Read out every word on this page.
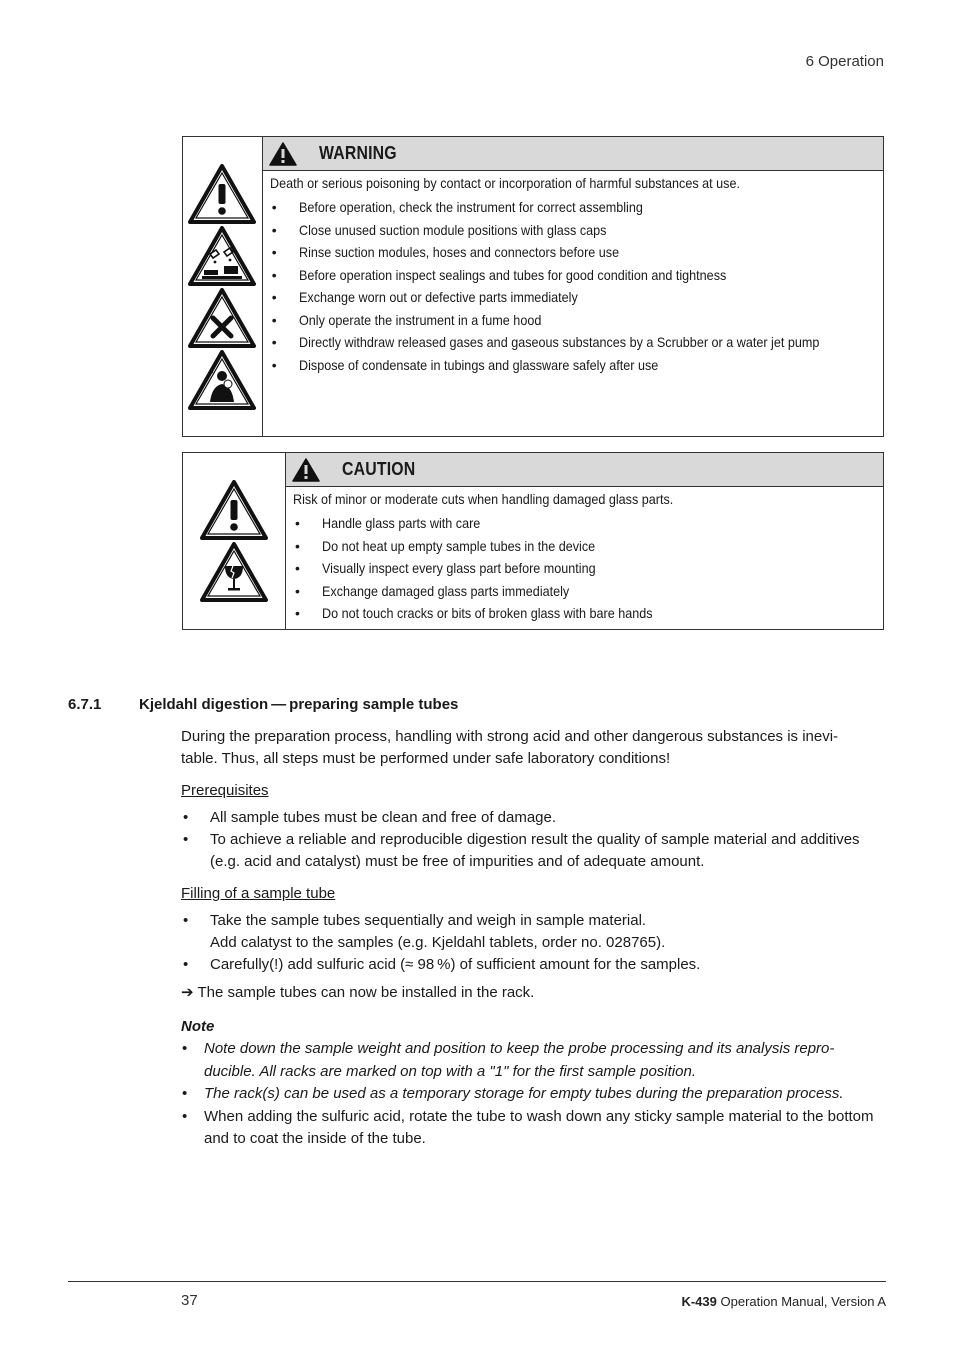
6 Operation
WARNING

Death or serious poisoning by contact or incorporation of harmful substances at use.

• Before operation, check the instrument for correct assembling
• Close unused suction module positions with glass caps
• Rinse suction modules, hoses and connectors before use
• Before operation inspect sealings and tubes for good condition and tightness
• Exchange worn out or defective parts immediately
• Only operate the instrument in a fume hood
• Directly withdraw released gases and gaseous substances by a Scrubber or a water jet pump
• Dispose of condensate in tubings and glassware safely after use
CAUTION

Risk of minor or moderate cuts when handling damaged glass parts.

• Handle glass parts with care
• Do not heat up empty sample tubes in the device
• Visually inspect every glass part before mounting
• Exchange damaged glass parts immediately
• Do not touch cracks or bits of broken glass with bare hands
6.7.1	Kjeldahl digestion — preparing sample tubes
During the preparation process, handling with strong acid and other dangerous substances is inevi-
table. Thus, all steps must be performed under safe laboratory conditions!
Prerequisites
• All sample tubes must be clean and free of damage.
• To achieve a reliable and reproducible digestion result the quality of sample material and additives (e.g. acid and catalyst) must be free of impurities and of adequate amount.
Filling of a sample tube
• Take the sample tubes sequentially and weigh in sample material.
Add calatyst to the samples (e.g. Kjeldahl tablets, order no. 028765).
• Carefully(!) add sulfuric acid (≈ 98 %) of sufficient amount for the samples.
➔ The sample tubes can now be installed in the rack.
Note
• Note down the sample weight and position to keep the probe processing and its analysis repro-ducible. All racks are marked on top with a "1" for the first sample position.
• The rack(s) can be used as a temporary storage for empty tubes during the preparation process.
• When adding the sulfuric acid, rotate the tube to wash down any sticky sample material to the bottom and to coat the inside of the tube.
37	K-439 Operation Manual, Version A
